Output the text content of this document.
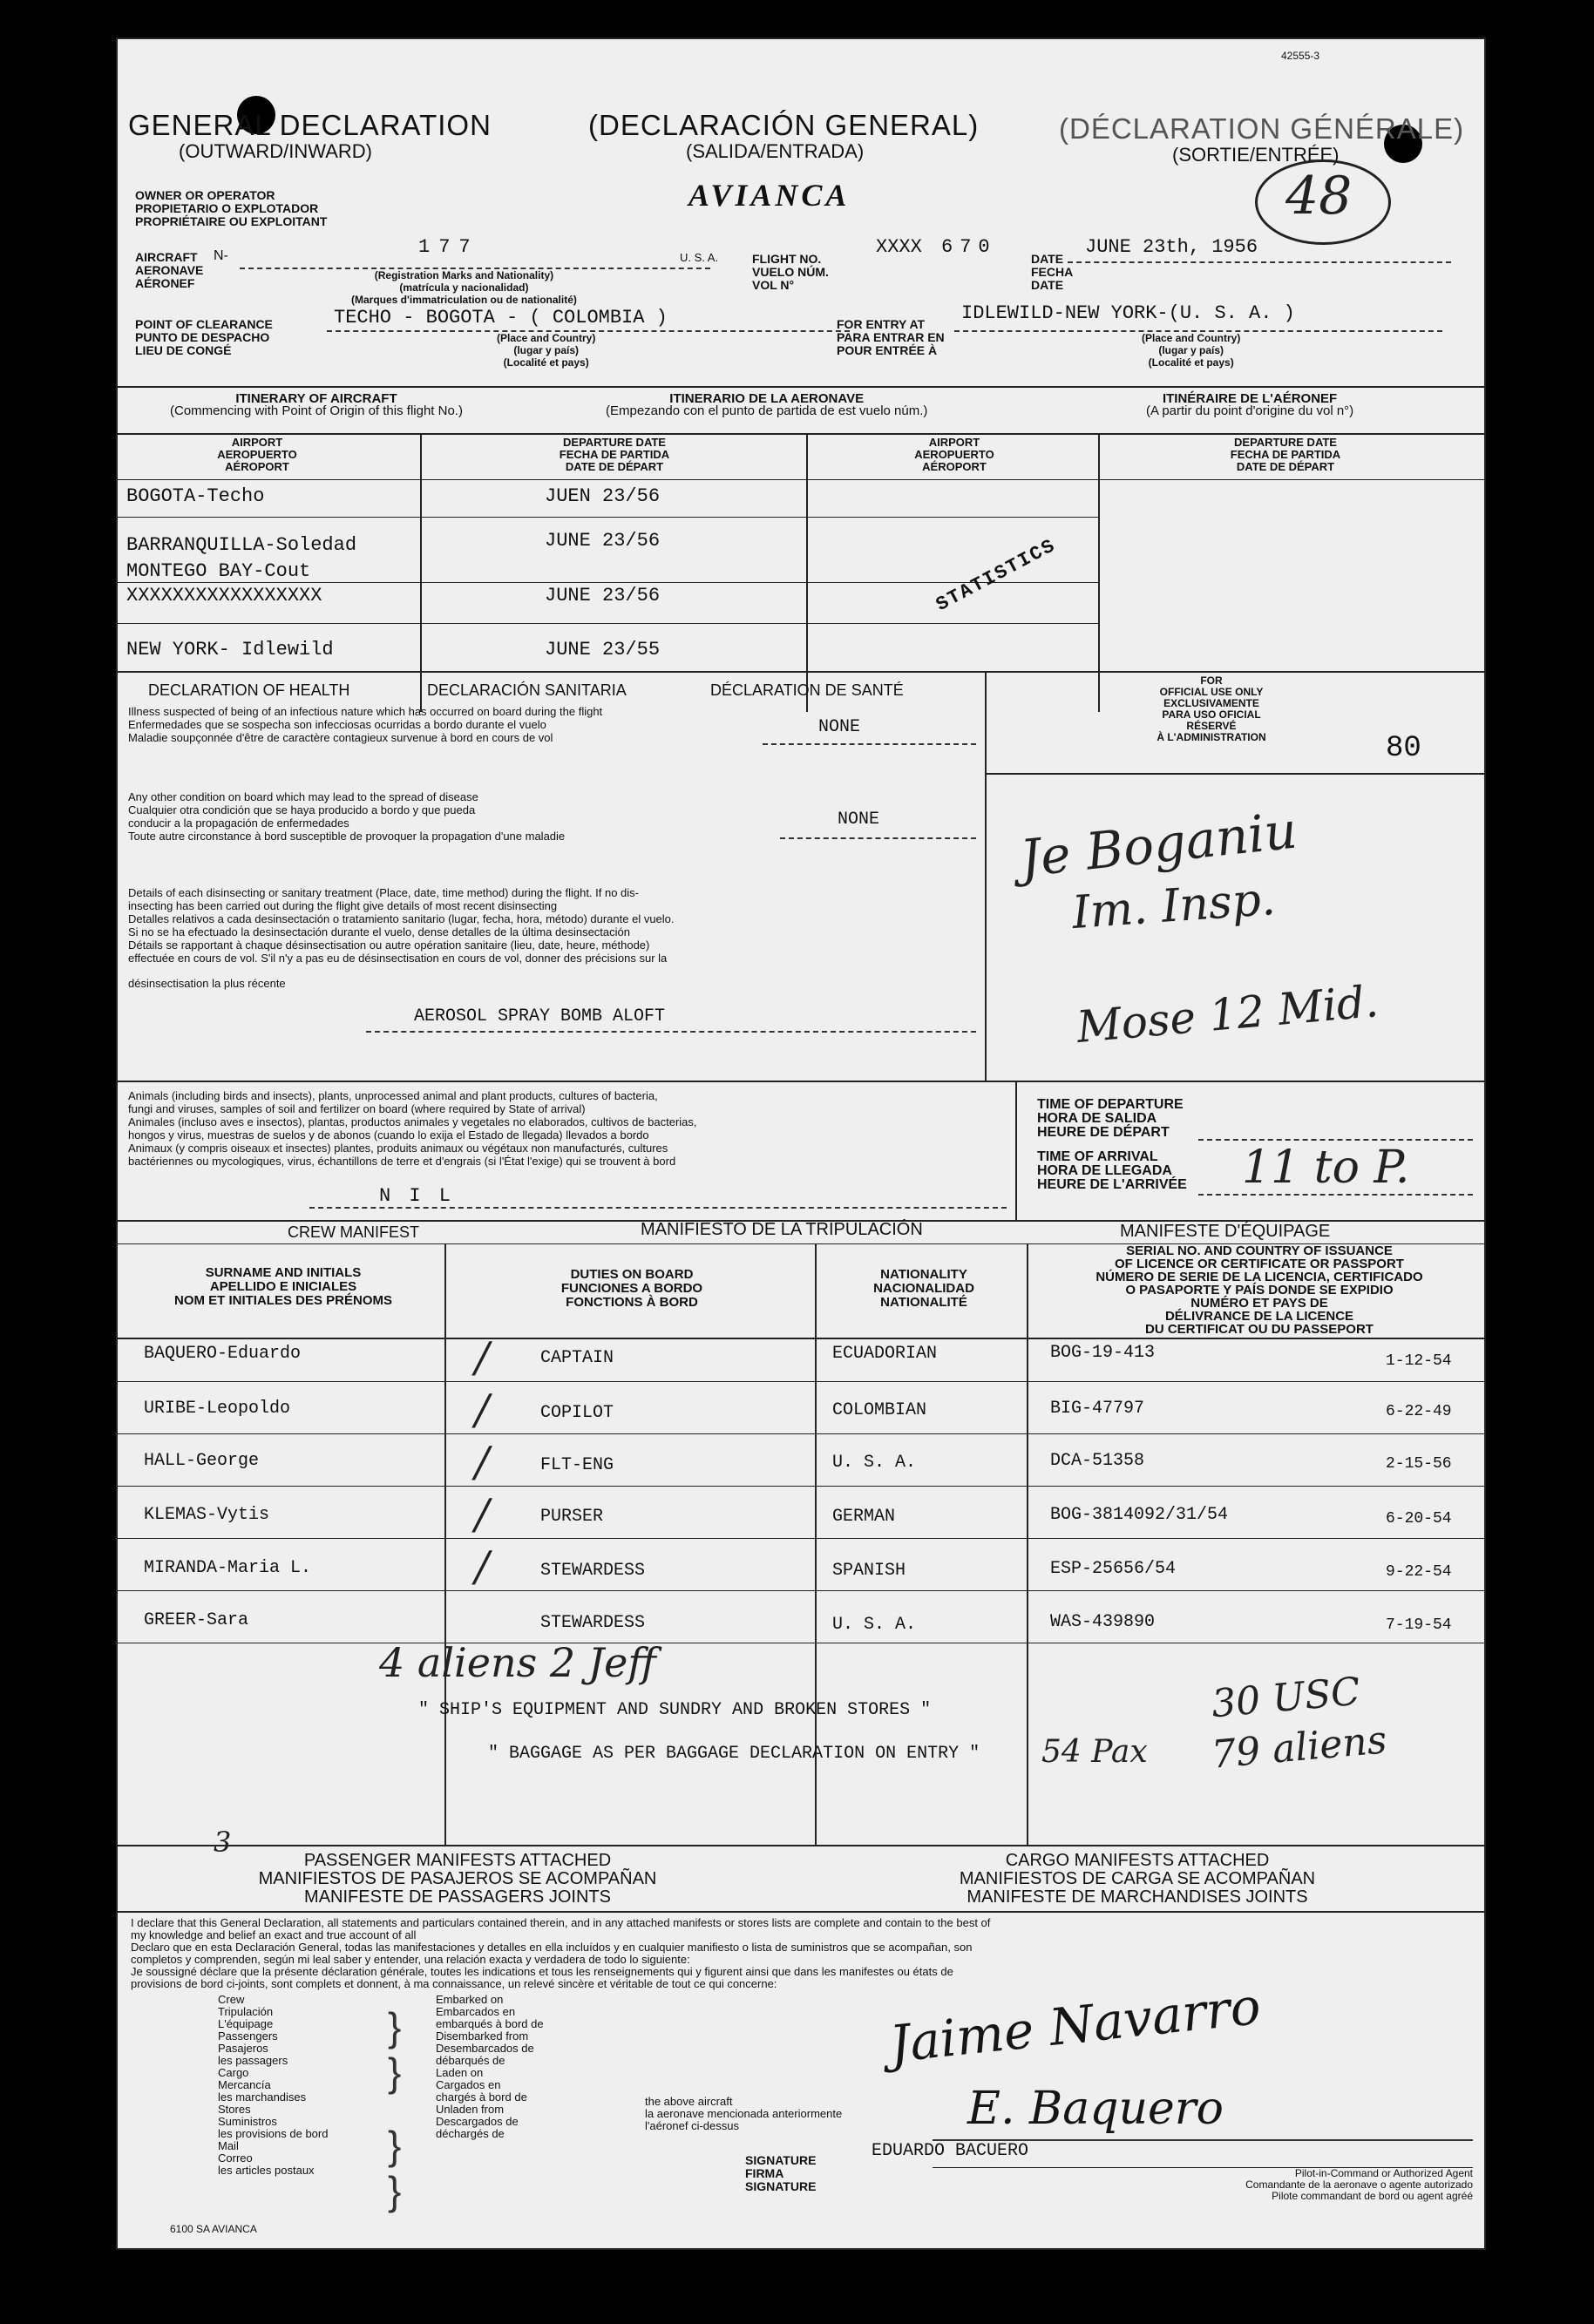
42555-3
GENERAL DECLARATION
(OUTWARD/INWARD)
(DECLARACIÓN GENERAL)
(SALIDA/ENTRADA)
(DÉCLARATION GÉNÉRALE)
(SORTIE/ENTRÉE)
48
OWNER OR OPERATOR
PROPIETARIO O EXPLOTADOR
PROPRIÉTAIRE OU EXPLOITANT
AVIANCA
AIRCRAFT
AERONAVE
AÉRONEF
N-	177
(Registration Marks and Nationality)
(matrícula y nacionalidad)
(Marques d'immatriculation ou de nationalité)
U. S. A.	FLIGHT NO.
VUELO NÚM.
VOL N°
XXXX 670
DATE
FECHA
DATE
JUNE 23th, 1956
POINT OF CLEARANCE
PUNTO DE DESPACHO
LIEU DE CONGÉ
TECHO - BOGOTA - ( COLOMBIA )
(Place and Country)
(lugar y país)
(Localité et pays)
FOR ENTRY AT
PARA ENTRAR EN
POUR ENTRÉE À
IDLEWILD-NEW YORK-(U. S. A. )
(Place and Country)
(lugar y país)
(Localité et pays)
ITINERARY OF AIRCRAFT
(Commencing with Point of Origin of this flight No.)
ITINERARIO DE LA AERONAVE
(Empezando con el punto de partida de est vuelo núm.)
ITINÉRAIRE DE L'AÉRONEF
(A partir du point d'origine du vol n°)
AIRPORT
AEROPUERTO
AÉROPORT
DEPARTURE DATE
FECHA DE PARTIDA
DATE DE DÉPART
AIRPORT
AEROPUERTO
AÉROPORT
DEPARTURE DATE
FECHA DE PARTIDA
DATE DE DÉPART
BOGOTA-Techo	JUEN 23/56
BARRANQUILLA-Soledad	JUNE 23/56
MONTEGO BAY-Cout
XXXXXXXXXXXXXXXXX	JUNE 23/56
NEW YORK- Idlewild	JUNE 23/55
STATISTICS
DECLARATION OF HEALTH	DECLARACIÓN SANITARIA	DÉCLARATION DE SANTÉ
Illness suspected of being of an infectious nature which has occurred on board during the flight
Enfermedades que se sospecha son infecciosas ocurridas a bordo durante el vuelo
Maladie soupçonnée d'être de caractère contagieux survenue à bord en cours de vol
NONE
Any other condition on board which may lead to the spread of disease
Cualquier otra condición que se haya producido a bordo y que pueda
conducir a la propagación de enfermedades
Toute autre circonstance à bord susceptible de provoquer la propagation d'une maladie
NONE
Details of each disinsecting or sanitary treatment (Place, date, time method) during the flight. If no dis-
insecting has been carried out during the flight give details of most recent disinsecting
Detalles relativos a cada desinsectación o tratamiento sanitario (lugar, fecha, hora, método) durante el vuelo.
Si no se ha efectuado la desinsectación durante el vuelo, dense detalles de la última desinsectación
Détails se rapportant à chaque désinsectisation ou autre opération sanitaire (lieu, date, heure, méthode)
effectuée en cours de vol. S'il n'y a pas eu de désinsectisation en cours de vol, donner des précisions sur la
désinsectisation la plus récente
AEROSOL SPRAY BOMB ALOFT
FOR
OFFICIAL USE ONLY
EXCLUSIVAMENTE
PARA USO OFICIAL
RÉSERVÉ
À L'ADMINISTRATION	80
Je Boganiu
Im. Insp.
Mose 12 Mid.
Animals (including birds and insects), plants, unprocessed animal and plant products, cultures of bacteria,
fungi and viruses, samples of soil and fertilizer on board (where required by State of arrival)
Animales (incluso aves e insectos), plantas, productos animales y vegetales no elaborados, cultivos de bacterias,
hongos y virus, muestras de suelos y de abonos (cuando lo exija el Estado de llegada) llevados a bordo
Animaux (y compris oiseaux et insectes) plantes, produits animaux ou végétaux non manufacturés, cultures
bactériennes ou mycologiques, virus, échantillons de terre et d'engrais (si l'État l'exige) qui se trouvent à bord
N I L
TIME OF DEPARTURE
HORA DE SALIDA
HEURE DE DÉPART
TIME OF ARRIVAL
HORA DE LLEGADA
HEURE DE L'ARRIVÉE 11 to P.
CREW MANIFEST	MANIFIESTO DE LA TRIPULACIÓN	MANIFESTE D'ÉQUIPAGE
SURNAME AND INITIALS
APELLIDO E INICIALES
NOM ET INITIALES DES PRÉNOMS
DUTIES ON BOARD
FUNCIONES A BORDO
FONCTIONS À BORD
NATIONALITY
NACIONALIDAD
NATIONALITÉ
SERIAL NO. AND COUNTRY OF ISSUANCE
OF LICENCE OR CERTIFICATE OR PASSPORT
NÚMERO DE SERIE DE LA LICENCIA, CERTIFICADO
O PASAPORTE Y PAÍS DONDE SE EXPIDIO
NUMÉRO ET PAYS DE
DÉLIVRANCE DE LA LICENCE
DU CERTIFICAT OU DU PASSEPORT
BAQUERO-Eduardo	CAPTAIN	ECUADORIAN	BOG-19-413	1-12-54
URIBE-Leopoldo	COPILOT	COLOMBIAN	BIG-47797	6-22-49
HALL-George	FLT-ENG	U. S. A.	DCA-51358	2-15-56
KLEMAS-Vytis	PURSER	GERMAN	BOG-3814092/31/54	6-20-54
MIRANDA-Maria L.	STEWARDESS	SPANISH	ESP-25656/54	9-22-54
GREER-Sara	STEWARDESS	U. S. A.	WAS-439890	7-19-54
/
/
/
/
/
4 aliens 2 Jeff
" SHIP'S EQUIPMENT AND SUNDRY AND BROKEN STORES "
" BAGGAGE AS PER BAGGAGE DECLARATION ON ENTRY " 54 Pax
30 USC
79 aliens
3
PASSENGER MANIFESTS ATTACHED
MANIFIESTOS DE PASAJEROS SE ACOMPAÑAN
MANIFESTE DE PASSAGERS JOINTS
CARGO MANIFESTS ATTACHED
MANIFIESTOS DE CARGA SE ACOMPAÑAN
MANIFESTE DE MARCHANDISES JOINTS
I declare that this General Declaration, all statements and particulars contained therein, and in any attached manifests or stores lists are complete and contain to the best of
my knowledge and belief an exact and true account of all
Declaro que en esta Declaración General, todas las manifestaciones y detalles en ella incluídos y en cualquier manifiesto o lista de suministros que se acompañan, son
completos y comprenden, según mi leal saber y entender, una relación exacta y verdadera de todo lo siguiente:
Je soussigné déclare que la présente déclaration générale, toutes les indications et tous les renseignements qui y figurent ainsi que dans les manifestes ou états de
provisions de bord ci-joints, sont complets et donnent, à ma connaissance, un relevé sincère et véritable de tout ce qui concerne:
Crew
Tripulación
L'équipage
Passengers
Pasajeros
les passagers
Cargo
Mercancía
les marchandises
Stores
Suministros
les provisions de bord
Mail
Correo
les articles postaux
}
}
}
}
Embarked on
Embarcados en
embarqués à bord de
Disembarked from
Desembarcados de
débarqués de
Laden on
Cargados en
chargés à bord de
Unladen from
Descargados de
déchargés de
the above aircraft
la aeronave mencionada anteriormente
l'aéronef ci-dessus
Jaime Navarro
E. Baquero
EDUARDO BACUERO
SIGNATURE
FIRMA
SIGNATURE
Pilot-in-Command or Authorized Agent
Comandante de la aeronave o agente autorizado
Pilote commandant de bord ou agent agréé
6100 SA AVIANCA
